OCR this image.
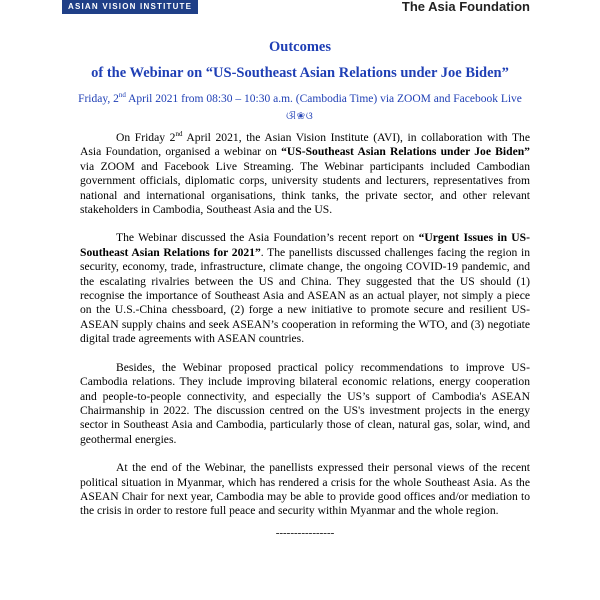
ASIAN VISION INSTITUTE	The Asia Foundation
Outcomes
of the Webinar on “US-Southeast Asian Relations under Joe Biden”
Friday, 2nd April 2021 from 08:30 – 10:30 a.m. (Cambodia Time) via ZOOM and Facebook Live
ଔ❀ଓ

On Friday 2nd April 2021, the Asian Vision Institute (AVI), in collaboration with The Asia Foundation, organised a webinar on “US-Southeast Asian Relations under Joe Biden” via ZOOM and Facebook Live Streaming. The Webinar participants included Cambodian government officials, diplomatic corps, university students and lecturers, representatives from national and international organisations, think tanks, the private sector, and other relevant stakeholders in Cambodia, Southeast Asia and the US.

The Webinar discussed the Asia Foundation’s recent report on “Urgent Issues in US-Southeast Asian Relations for 2021”. The panellists discussed challenges facing the region in security, economy, trade, infrastructure, climate change, the ongoing COVID-19 pandemic, and the escalating rivalries between the US and China. They suggested that the US should (1) recognise the importance of Southeast Asia and ASEAN as an actual player, not simply a piece on the U.S.-China chessboard, (2) forge a new initiative to promote secure and resilient US-ASEAN supply chains and seek ASEAN’s cooperation in reforming the WTO, and (3) negotiate digital trade agreements with ASEAN countries.

Besides, the Webinar proposed practical policy recommendations to improve US-Cambodia relations. They include improving bilateral economic relations, energy cooperation and people-to-people connectivity, and especially the US’s support of Cambodia's ASEAN Chairmanship in 2022. The discussion centred on the US's investment projects in the energy sector in Southeast Asia and Cambodia, particularly those of clean, natural gas, solar, wind, and geothermal energies.

At the end of the Webinar, the panellists expressed their personal views of the recent political situation in Myanmar, which has rendered a crisis for the whole Southeast Asia. As the ASEAN Chair for next year, Cambodia may be able to provide good offices and/or mediation to the crisis in order to restore full peace and security within Myanmar and the whole region.

----------------
